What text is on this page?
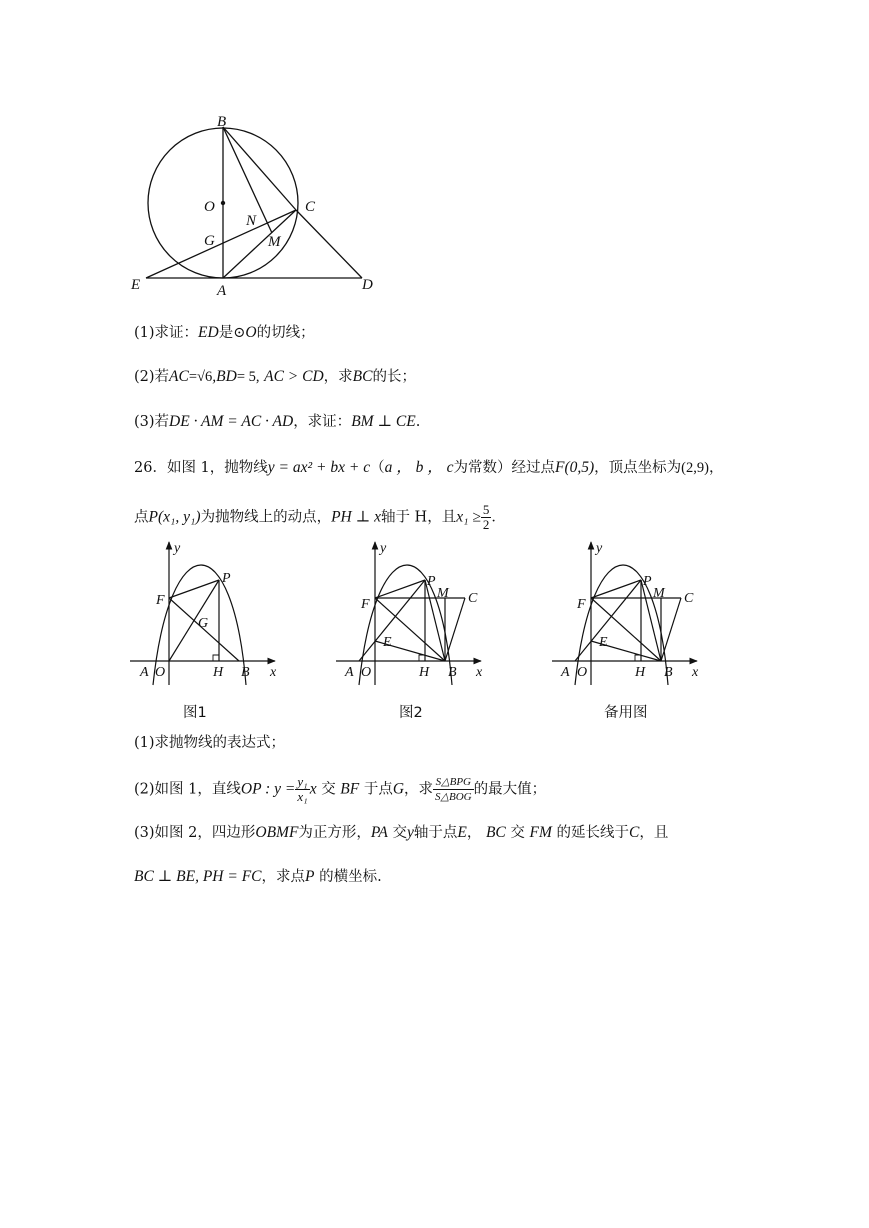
B
O	C
N
G	M
E	A	D
(1)求证：ED是⊙O的切线；
(2)若AC=√6,BD= 5, AC > CD，求BC的长；
(3)若DE · AM = AC · AD，求证：BM ⊥ CE.
26．如图 1，抛物线y = ax² + bx + c（a ， b ， c为常数）经过点F(0,5)，顶点坐标为(2,9)，
点P(x₁, y₁)为抛物线上的动点，PH ⊥ x轴于 H，且$x_1 \ge \frac{5}{2}$ ．
y
x
F
P
G
A O	H B
y
x
F
P
M C
E
A O	H B
y
x
F
P
M C
E
A O	H B
图1	图2	备用图
(1)求抛物线的表达式；
(2)如图 1，直线OP : $y = \frac{\text{y₁}}{\text{x₁}}$ x 交 BF 于点G，求 $\frac{\text{S△BPG}}{\text{S△BOG}}$ 的最大值；
(3)如图 2，四边形OBMF为正方形，PA 交y轴于点E， BC 交 FM 的延长线于C，且
BC ⊥ BE, PH = FC，求点P 的横坐标.
